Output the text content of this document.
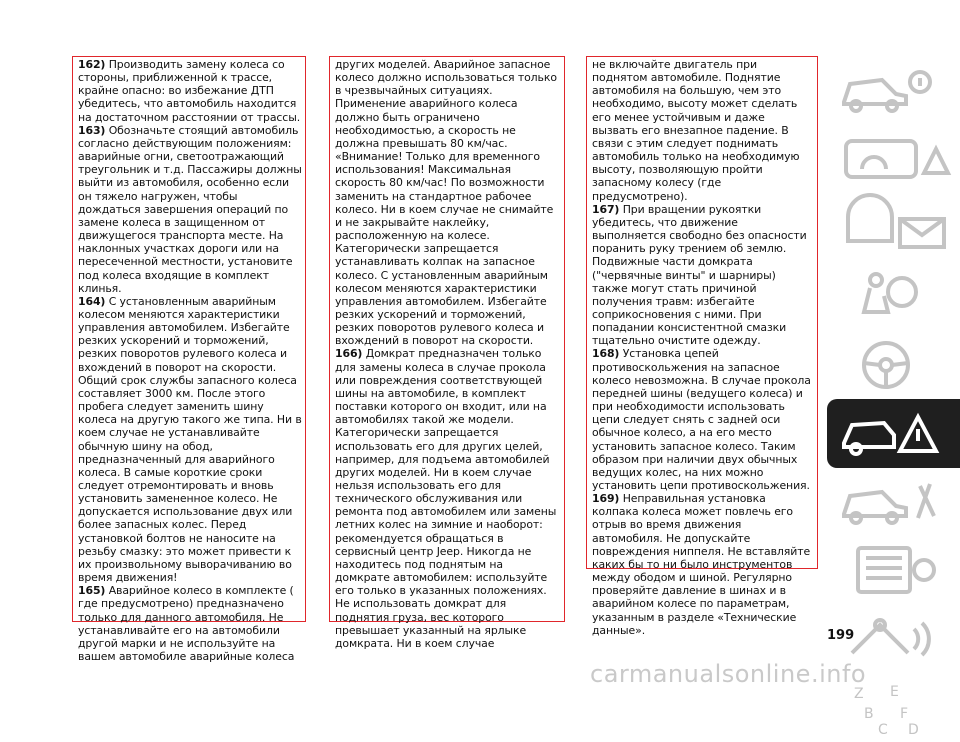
162) Производить замену колеса со стороны, приближенной к трассе, крайне опасно: во избежание ДТП убедитесь, что автомобиль находится на достаточном расстоянии от трассы.

163) Обозначьте стоящий автомобиль согласно действующим положениям: аварийные огни, светоотражающий треугольник и т.д. Пассажиры должны выйти из автомобиля, особенно если он тяжело нагружен, чтобы дождаться завершения операций по замене колеса в защищенном от движущегося транспорта месте. На наклонных участках дороги или на пересеченной местности, установите под колеса входящие в комплект клинья.

164) С установленным аварийным колесом меняются характеристики управления автомобилем. Избегайте резких ускорений и торможений, резких поворотов рулевого колеса и вхождений в поворот на скорости. Общий срок службы запасного колеса составляет 3000 км. После этого пробега следует заменить шину колеса на другую такого же типа. Ни в коем случае не устанавливайте обычную шину на обод, предназначенный для аварийного колеса. В самые короткие сроки следует отремонтировать и вновь установить замененное колесо. Не допускается использование двух или более запасных колес. Перед установкой болтов не наносите на резьбу смазку: это может привести к их произвольному выворачиванию во время движения!

165) Аварийное колесо в комплекте ( где предусмотрено) предназначено только для данного автомобиля. Не устанавливайте его на автомобили другой марки и не используйте на вашем автомобиле аварийные колеса

других моделей. Аварийное запасное колесо должно использоваться только в чрезвычайных ситуациях. Применение аварийного колеса должно быть ограничено необходимостью, а скорость не должна превышать 80 км/час. «Внимание! Только для временного использования! Максимальная скорость 80 км/час! По возможности заменить на стандартное рабочее колесо. Ни в коем случае не снимайте и не закрывайте наклейку, расположенную на колесе. Категорически запрещается устанавливать колпак на запасное колесо. С установленным аварийным колесом меняются характеристики управления автомобилем. Избегайте резких ускорений и торможений, резких поворотов рулевого колеса и вхождений в поворот на скорости.

166) Домкрат предназначен только для замены колеса в случае прокола или повреждения соответствующей шины на автомобиле, в комплект поставки которого он входит, или на автомобилях такой же модели. Категорически запрещается использовать его для других целей, например, для подъема автомобилей других моделей. Ни в коем случае нельзя использовать его для технического обслуживания или ремонта под автомобилем или замены летних колес на зимние и наоборот: рекомендуется обращаться в сервисный центр Jeep. Никогда не находитесь под поднятым на домкрате автомобилем: используйте его только в указанных положениях. Не использовать домкрат для поднятия груза, вес которого превышает указанный на ярлыке домкрата. Ни в коем случае

не включайте двигатель при поднятом автомобиле. Поднятие автомобиля на большую, чем это необходимо, высоту может сделать его менее устойчивым и даже вызвать его внезапное падение. В связи с этим следует поднимать автомобиль только на необходимую высоту, позволяющую пройти запасному колесу (где предусмотрено).

167) При вращении рукоятки убедитесь, что движение выполняется свободно без опасности поранить руку трением об землю. Подвижные части домкрата ("червячные винты" и шарниры) также могут стать причиной получения травм: избегайте соприкосновения с ними. При попадании консистентной смазки тщательно очистите одежду.

168) Установка цепей противоскольжения на запасное колесо невозможна. В случае прокола передней шины (ведущего колеса) и при необходимости использовать цепи следует снять с задней оси обычное колесо, а на его место установить запасное колесо. Таким образом при наличии двух обычных ведущих колес, на них можно установить цепи противоскольжения.

169) Неправильная установка колпака колеса может повлечь его отрыв во время движения автомобиля. Не допускайте повреждения ниппеля. Не вставляйте каких бы то ни было инструментов между ободом и шиной. Регулярно проверяйте давление в шинах и в аварийном колесе по параметрам, указанным в разделе «Технические данные».

Z E
B F
C D
199
carmanualsonline.info
